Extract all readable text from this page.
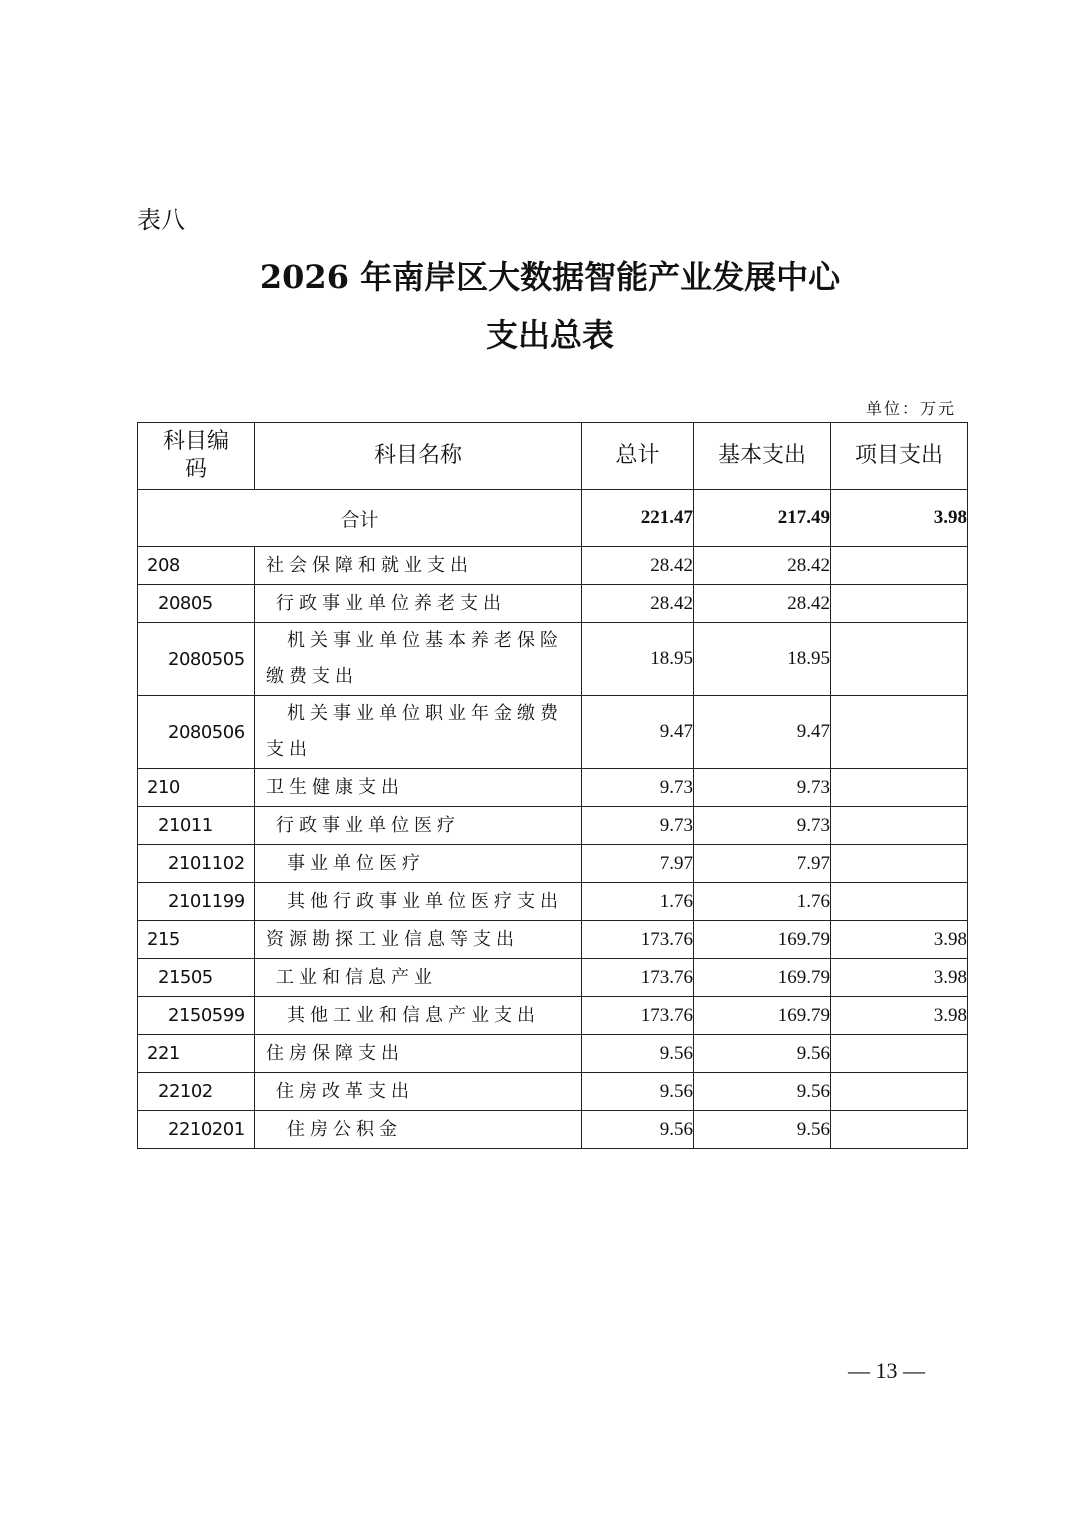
表八
2026 年南岸区大数据智能产业发展中心
支出总表
单位：万元
科目编码	科目名称	总计	基本支出	项目支出
合计		221.47	217.49	3.98
208	社会保障和就业支出	28.42	28.42	
20805	行政事业单位养老支出	28.42	28.42	
2080505	机关事业单位基本养老保险缴费支出	18.95	18.95	
2080506	机关事业单位职业年金缴费支出	9.47	9.47	
210	卫生健康支出	9.73	9.73	
21011	行政事业单位医疗	9.73	9.73	
2101102	事业单位医疗	7.97	7.97	
2101199	其他行政事业单位医疗支出	1.76	1.76	
215	资源勘探工业信息等支出	173.76	169.79	3.98
21505	工业和信息产业	173.76	169.79	3.98
2150599	其他工业和信息产业支出	173.76	169.79	3.98
221	住房保障支出	9.56	9.56	
22102	住房改革支出	9.56	9.56	
2210201	住房公积金	9.56	9.56	
— 13 —
